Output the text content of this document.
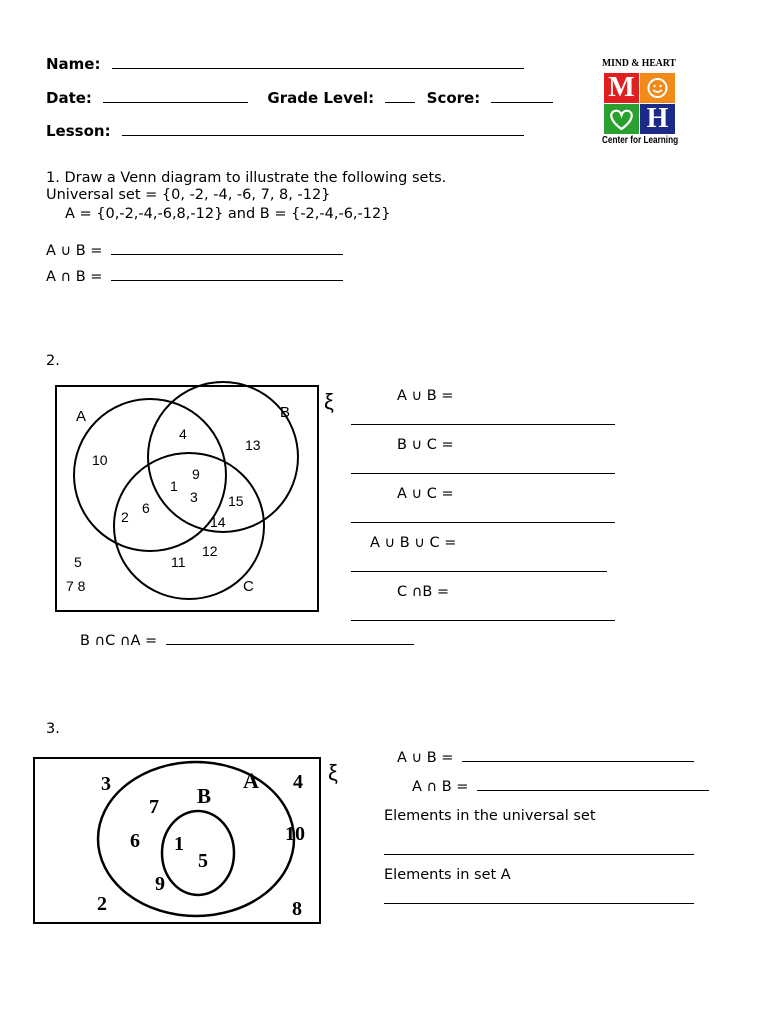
Name:
Date:	Grade Level:	Score:
Lesson:
MIND & HEART
M
H
Center for Learning
1. Draw a Venn diagram to illustrate the following sets.
Universal set = {0, -2, -4, -6, 7, 8, -12}
A = {0,-2,-4,-6,8,-12} and B = {-2,-4,-6,-12}
A ∪ B =
A ∩ B =
2.
A	B
C
4
13
10
1
9
3 15
2
6
14
12
11
5
7 8
ξ	A ∪ B =
B ∪ C =
A ∪ C =
A ∪ B ∪ C =
C ∩B =
B ∩C ∩A =
3.
A
B
3	4
7
6 1
5
10
9
2	8
ξ
A ∪ B =
A ∩ B =
Elements in the universal set
Elements in set A
